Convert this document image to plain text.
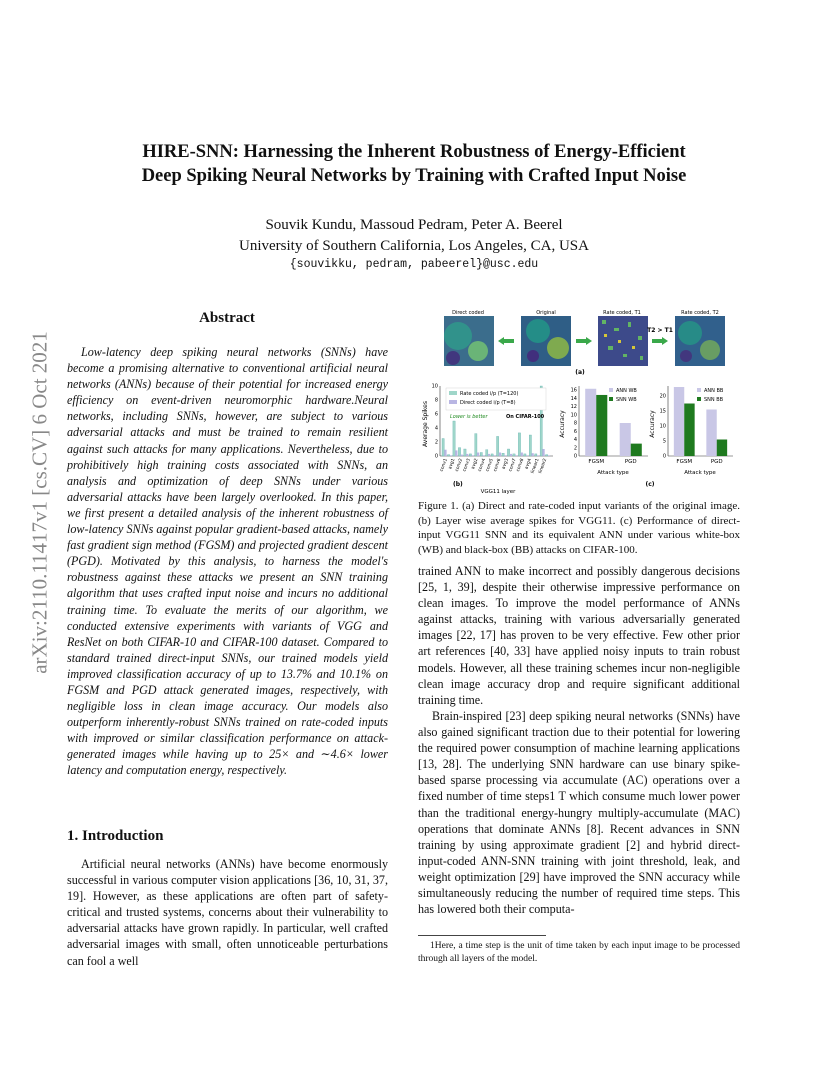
HIRE-SNN: Harnessing the Inherent Robustness of Energy-Efficient
Deep Spiking Neural Networks by Training with Crafted Input Noise
Souvik Kundu, Massoud Pedram, Peter A. Beerel
University of Southern California, Los Angeles, CA, USA
{souvikku, pedram, pabeerel}@usc.edu
arXiv:2110.11417v1 [cs.CV] 6 Oct 2021
Abstract
Low-latency deep spiking neural networks (SNNs) have become a promising alternative to conventional artificial neural networks (ANNs) because of their potential for increased energy efficiency on event-driven neuromorphic hardware.Neural networks, including SNNs, however, are subject to various adversarial attacks and must be trained to remain resilient against such attacks for many applications. Nevertheless, due to prohibitively high training costs associated with SNNs, an analysis and optimization of deep SNNs under various adversarial attacks have been largely overlooked. In this paper, we first present a detailed analysis of the inherent robustness of low-latency SNNs against popular gradient-based attacks, namely fast gradient sign method (FGSM) and projected gradient descent (PGD). Motivated by this analysis, to harness the model's robustness against these attacks we present an SNN training algorithm that uses crafted input noise and incurs no additional training time. To evaluate the merits of our algorithm, we conducted extensive experiments with variants of VGG and ResNet on both CIFAR-10 and CIFAR-100 dataset. Compared to standard trained direct-input SNNs, our trained models yield improved classification accuracy of up to 13.7% and 10.1% on FGSM and PGD attack generated images, respectively, with negligible loss in clean image accuracy. Our models also outperform inherently-robust SNNs trained on rate-coded inputs with improved or similar classification performance on attack-generated images while having up to 25× and ∼4.6× lower latency and computation energy, respectively.
1. Introduction
Artificial neural networks (ANNs) have become enormously successful in various computer vision applications [36, 10, 31, 37, 19]. However, as these applications are often part of safety-critical and trusted systems, concerns about their vulnerability to adversarial attacks have grown rapidly. In particular, well crafted adversarial images with small, often unnoticeable perturbations can fool a well
Direct coded	Original	Rate coded, T1
T2 > T1
Rate coded, T2
(a)
Average Spikes
0
2
4
6
8
10
Rate coded i/p (T=120)
Direct coded i/p (T=8)
Lower is better	On CIFAR-100
conv1 avg1
conv2
conv3 avg2
conv4
conv5
conv6 avg3
conv7
conv8 avg4
linear1
linear2
(b)
VGG11 layer
Accuracy
0
2
4
6
8
10
12
14
16
FGSM	PGD
ANN WB
SNN WB
Attack type
Accuracy
0
5
10
15
20
FGSM	PGD
ANN BB
SNN BB
Attack type
(c)
Figure 1. (a) Direct and rate-coded input variants of the original image. (b) Layer wise average spikes for VGG11. (c) Performance of direct-input VGG11 SNN and its equivalent ANN under various white-box (WB) and black-box (BB) attacks on CIFAR-100.
trained ANN to make incorrect and possibly dangerous decisions [25, 1, 39], despite their otherwise impressive performance on clean images. To improve the model performance of ANNs against attacks, training with various adversarially generated images [22, 17] has proven to be very effective. Few other prior art references [40, 33] have applied noisy inputs to train robust models. However, all these training schemes incur non-negligible clean image accuracy drop and require significant additional training time.
Brain-inspired [23] deep spiking neural networks (SNNs) have also gained significant traction due to their potential for lowering the required power consumption of machine learning applications [13, 28]. The underlying SNN hardware can use binary spike-based sparse processing via accumulate (AC) operations over a fixed number of time steps1 T which consume much lower power than the traditional energy-hungry multiply-accumulate (MAC) operations that dominate ANNs [8]. Recent advances in SNN training by using approximate gradient [2] and hybrid direct-input-coded ANN-SNN training with joint threshold, leak, and weight optimization [29] have improved the SNN accuracy while simultaneously reducing the number of required time steps. This has lowered both their computa-
1Here, a time step is the unit of time taken by each input image to be processed through all layers of the model.
